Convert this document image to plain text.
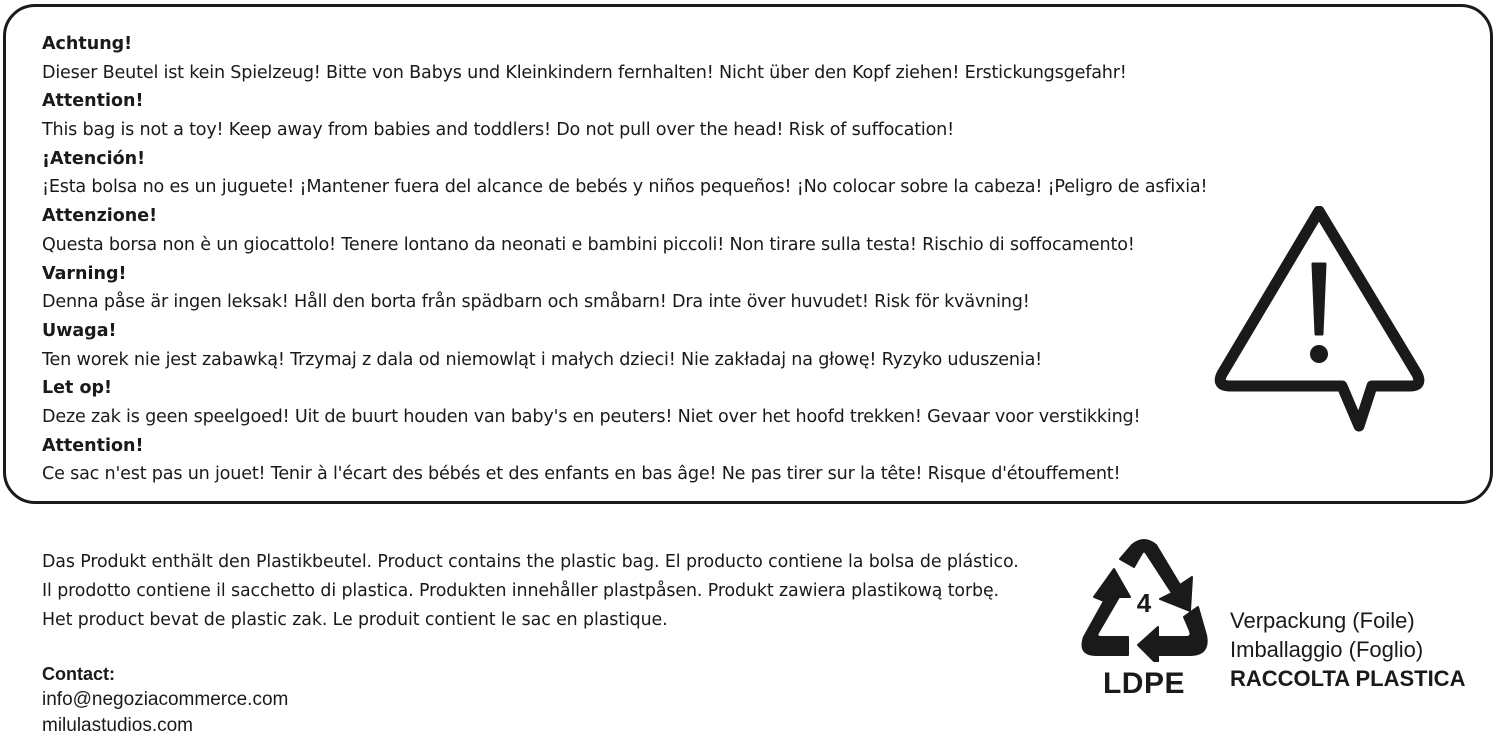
Achtung!
Dieser Beutel ist kein Spielzeug! Bitte von Babys und Kleinkindern fernhalten! Nicht über den Kopf ziehen! Erstickungsgefahr!
Attention!
This bag is not a toy! Keep away from babies and toddlers! Do not pull over the head! Risk of suffocation!
¡Atención!
¡Esta bolsa no es un juguete! ¡Mantener fuera del alcance de bebés y niños pequeños! ¡No colocar sobre la cabeza! ¡Peligro de asfixia!
Attenzione!
Questa borsa non è un giocattolo! Tenere lontano da neonati e bambini piccoli! Non tirare sulla testa! Rischio di soffocamento!
Varning!
Denna påse är ingen leksak! Håll den borta från spädbarn och småbarn! Dra inte över huvudet! Risk för kvävning!
Uwaga!
Ten worek nie jest zabawką! Trzymaj z dala od niemowląt i małych dzieci! Nie zakładaj na głowę! Ryzyko uduszenia!
Let op!
Deze zak is geen speelgoed! Uit de buurt houden van baby's en peuters! Niet over het hoofd trekken! Gevaar voor verstikking!
Attention!
Ce sac n'est pas un jouet! Tenir à l'écart des bébés et des enfants en bas âge! Ne pas tirer sur la tête! Risque d'étouffement!

Das Produkt enthält den Plastikbeutel. Product contains the plastic bag. El producto contiene la bolsa de plástico. Il prodotto contiene il sacchetto di plastica. Produkten innehåller plastpåsen. Produkt zawiera plastikową torbę. Het product bevat de plastic zak. Le produit contient le sac en plastique.

Contact:
info@negoziacommerce.com
milulastudios.com
4
LDPE
Verpackung (Foile)
Imballaggio (Foglio)
RACCOLTA PLASTICA
